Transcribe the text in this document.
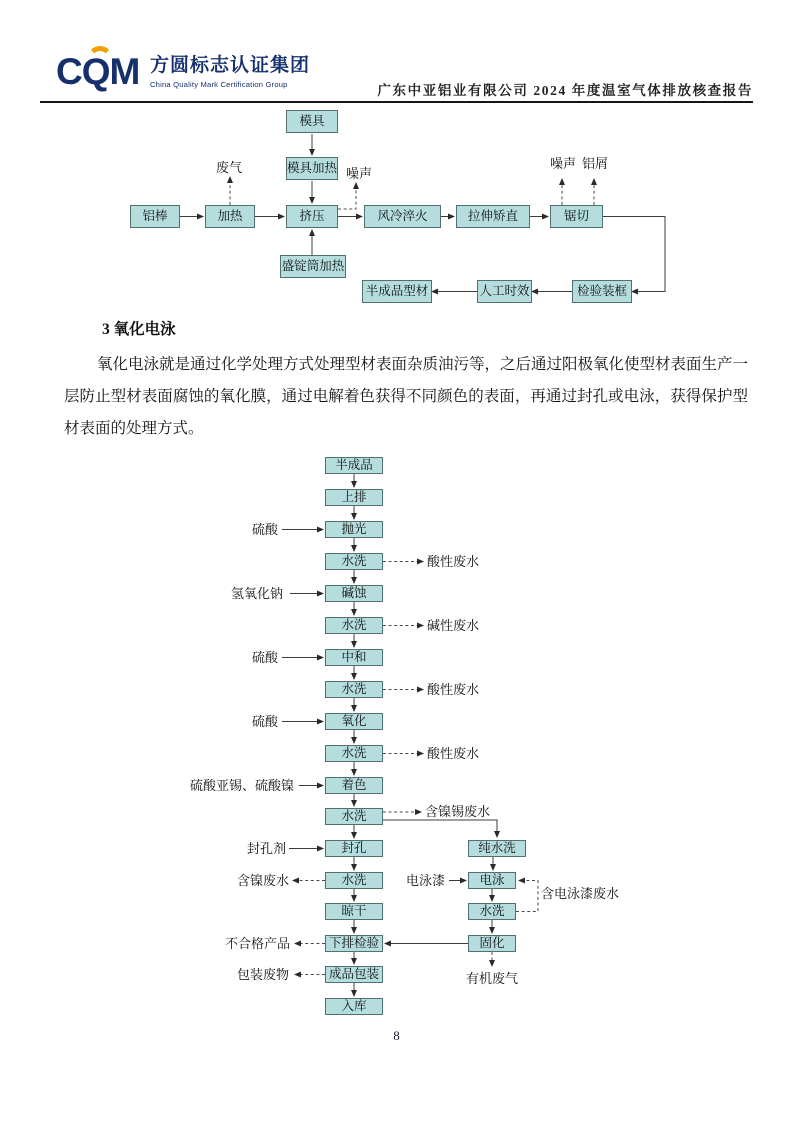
CQM 方圆标志认证集团
China Quality Mark Certification Group	广东中亚铝业有限公司 2024 年度温室气体排放核查报告
模具
模具加热
铝棒	加热	挤压	风冷淬火	拉伸矫直	锯切
盛锭筒加热
半成品型材	人工时效	检验装框
废气	噪声
噪声 铝屑
3 氧化电泳
氧化电泳就是通过化学处理方式处理型材表面杂质油污等，之后通过阳极氧化使型材表面生产一层防止型材表面腐蚀的氧化膜，通过电解着色获得不同颜色的表面，再通过封孔或电泳，获得保护型材表面的处理方式。
半成品
上排
抛光
水洗
碱蚀
水洗
中和
水洗
氧化
水洗
着色
水洗
封孔
水洗
晾干
下排检验
成品包装
入库
纯水洗
电泳
水洗
固化
硫酸
氢氧化钠
硫酸
硫酸
硫酸亚锡、硫酸镍
封孔剂
电泳漆
酸性废水
碱性废水
酸性废水
酸性废水
含镍锡废水
含镍废水
不合格产品
包装废物
含电泳漆废水
有机废气
8
